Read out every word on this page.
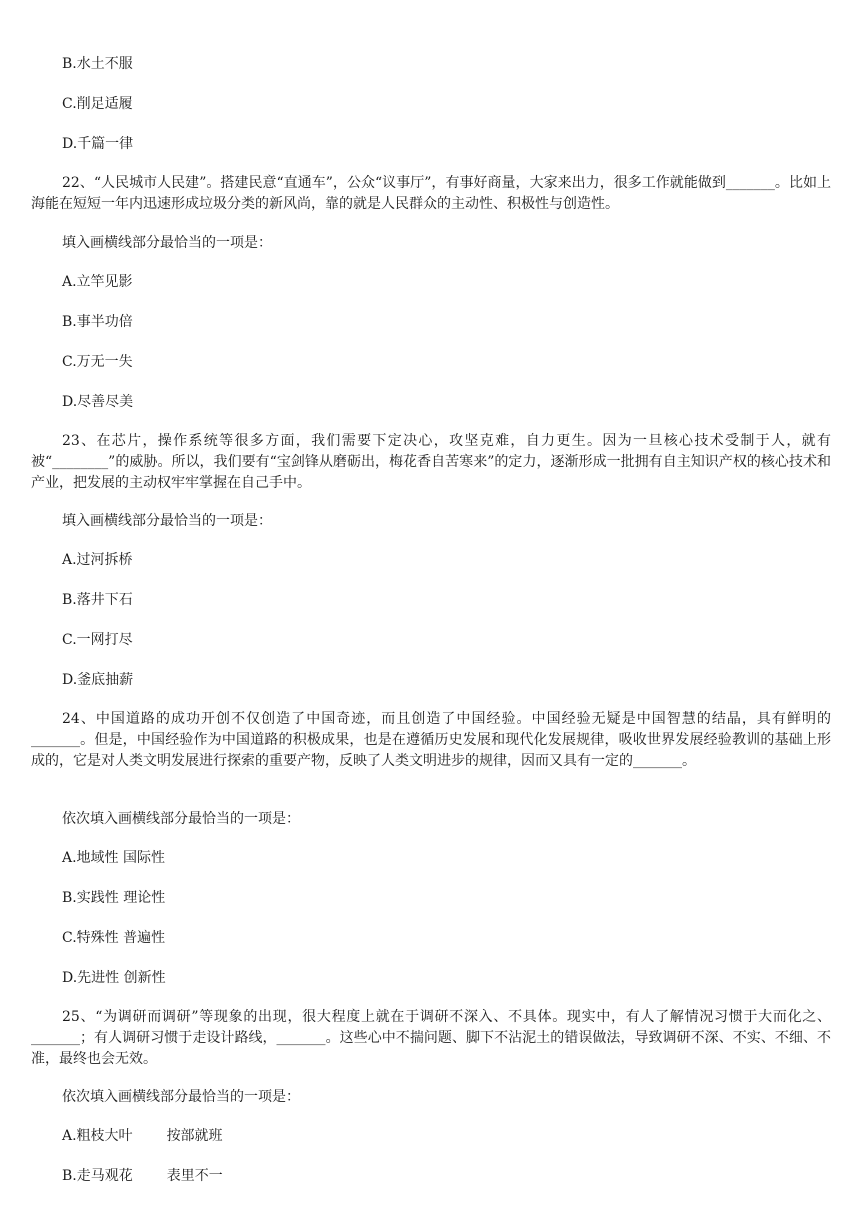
B.水土不服
C.削足适履
D.千篇一律
22、“人民城市人民建”。搭建民意“直通车”，公众“议事厅”，有事好商量，大家来出力，很多工作就能做到_______。比如上海能在短短一年内迅速形成垃圾分类的新风尚，靠的就是人民群众的主动性、积极性与创造性。
填入画横线部分最恰当的一项是：
A.立竿见影
B.事半功倍
C.万无一失
D.尽善尽美
23、在芯片，操作系统等很多方面，我们需要下定决心，攻坚克难，自力更生。因为一旦核心技术受制于人，就有被“________”的威胁。所以，我们要有“宝剑锋从磨砺出，梅花香自苦寒来”的定力，逐渐形成一批拥有自主知识产权的核心技术和产业，把发展的主动权牢牢掌握在自己手中。
填入画横线部分最恰当的一项是：
A.过河拆桥
B.落井下石
C.一网打尽
D.釜底抽薪
24、中国道路的成功开创不仅创造了中国奇迹，而且创造了中国经验。中国经验无疑是中国智慧的结晶，具有鲜明的_______。但是，中国经验作为中国道路的积极成果，也是在遵循历史发展和现代化发展规律，吸收世界发展经验教训的基础上形成的，它是对人类文明发展进行探索的重要产物，反映了人类文明进步的规律，因而又具有一定的_______。
依次填入画横线部分最恰当的一项是：
A.地域性 国际性
B.实践性 理论性
C.特殊性 普遍性
D.先进性 创新性
25、“为调研而调研”等现象的出现，很大程度上就在于调研不深入、不具体。现实中，有人了解情况习惯于大而化之、_______；有人调研习惯于走设计路线，_______。这些心中不揣问题、脚下不沾泥土的错误做法，导致调研不深、不实、不细、不准，最终也会无效。
依次填入画横线部分最恰当的一项是：
A.粗枝大叶 按部就班
B.走马观花 表里不一
